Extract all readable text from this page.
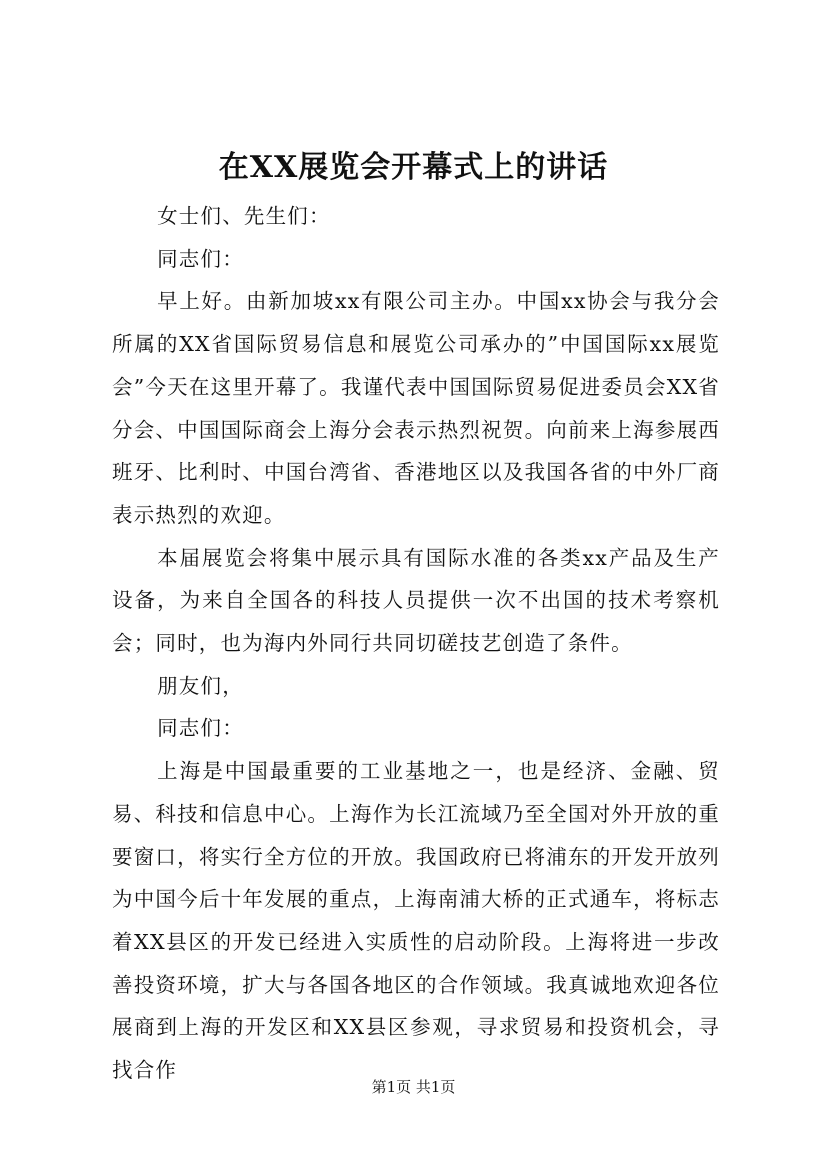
在XX展览会开幕式上的讲话

女士们、先生们：

同志们：

早上好。由新加坡xx有限公司主办。中国xx协会与我分会所属的XX省国际贸易信息和展览公司承办的”中国国际xx展览会”今天在这里开幕了。我谨代表中国国际贸易促进委员会XX省分会、中国国际商会上海分会表示热烈祝贺。向前来上海参展西班牙、比利时、中国台湾省、香港地区以及我国各省的中外厂商表示热烈的欢迎。

本届展览会将集中展示具有国际水准的各类xx产品及生产设备，为来自全国各的科技人员提供一次不出国的技术考察机会；同时，也为海内外同行共同切磋技艺创造了条件。

朋友们，

同志们：

上海是中国最重要的工业基地之一，也是经济、金融、贸易、科技和信息中心。上海作为长江流域乃至全国对外开放的重要窗口，将实行全方位的开放。我国政府已将浦东的开发开放列为中国今后十年发展的重点，上海南浦大桥的正式通车，将标志着XX县区的开发已经进入实质性的启动阶段。上海将进一步改善投资环境，扩大与各国各地区的合作领域。我真诚地欢迎各位展商到上海的开发区和XX县区参观，寻求贸易和投资机会，寻找合作

第1页 共1页
